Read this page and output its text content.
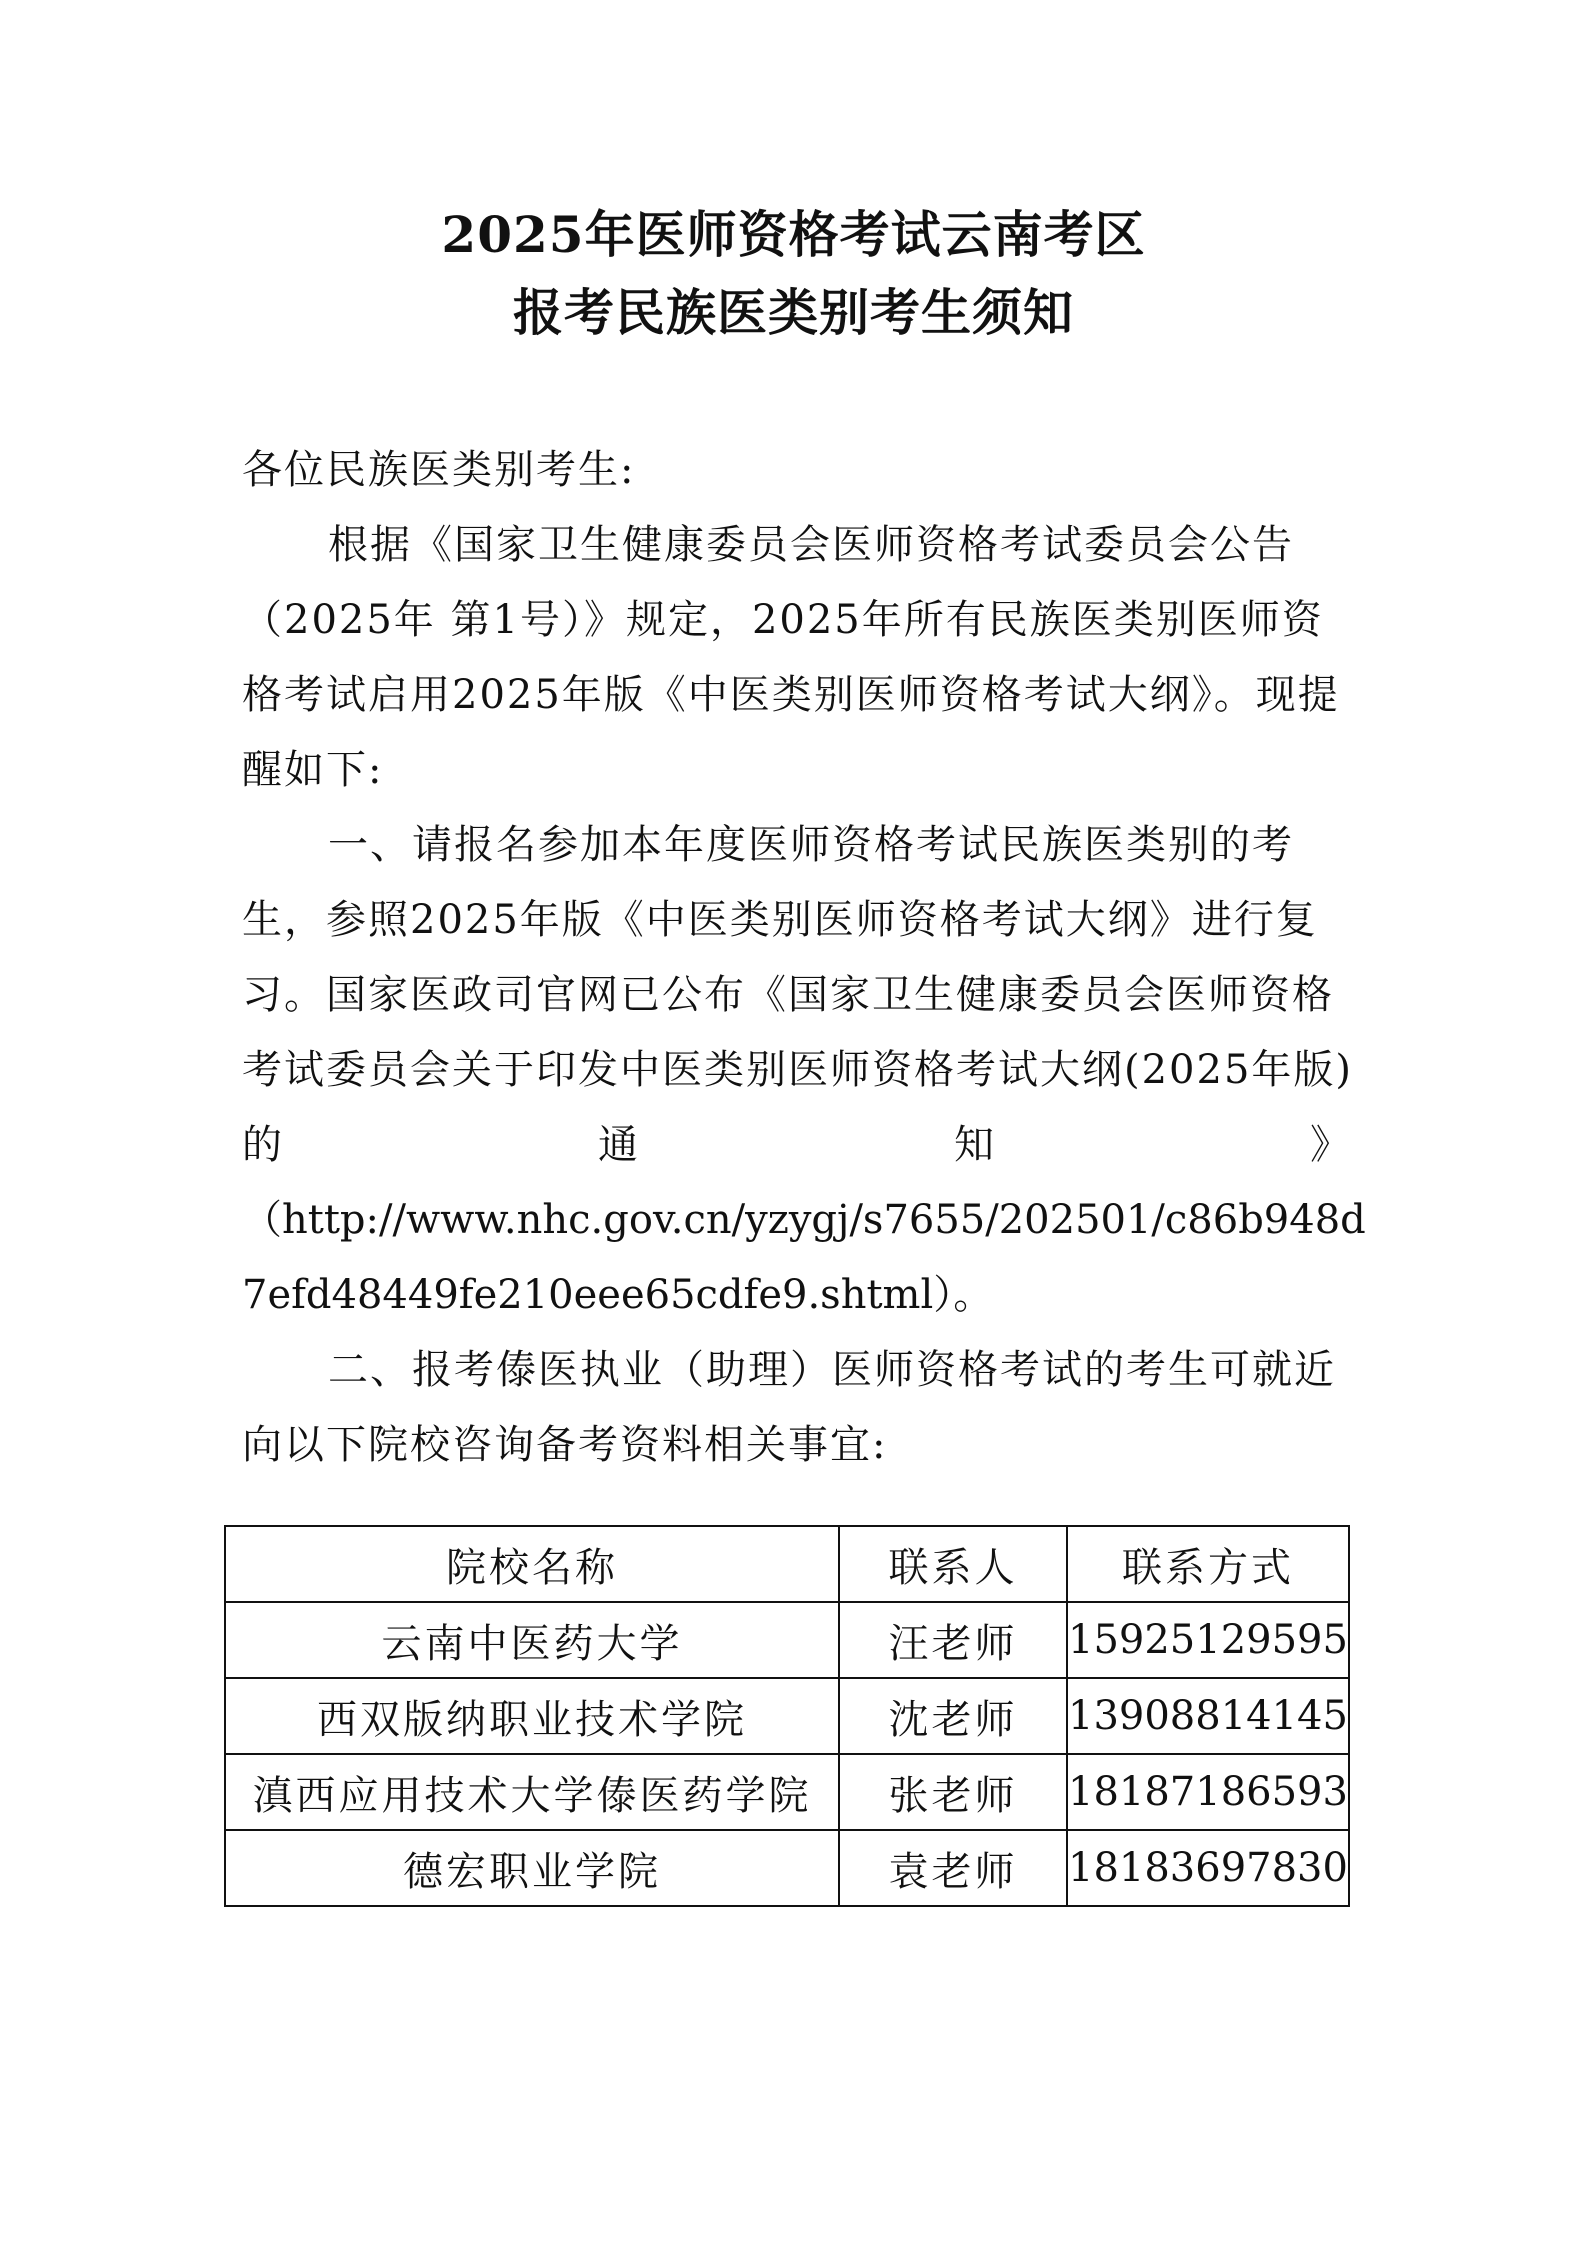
2025年医师资格考试云南考区
报考民族医类别考生须知
各位民族医类别考生:
根据《国家卫生健康委员会医师资格考试委员会公告
（2025年 第1号）》规定，2025年所有民族医类别医师资
格考试启用2025年版《中医类别医师资格考试大纲》。现提
醒如下:
一、请报名参加本年度医师资格考试民族医类别的考
生，参照2025年版《中医类别医师资格考试大纲》进行复
习。国家医政司官网已公布《国家卫生健康委员会医师资格
考试委员会关于印发中医类别医师资格考试大纲(2025年版)
的	通	知	》
（http://www.nhc.gov.cn/yzygj/s7655/202501/c86b948d
7efd48449fe210eee65cdfe9.shtml）。
二、报考傣医执业（助理）医师资格考试的考生可就近
向以下院校咨询备考资料相关事宜:
院校名称	联系人	联系方式
云南中医药大学	汪老师	15925129595
西双版纳职业技术学院	沈老师	13908814145
滇西应用技术大学傣医药学院	张老师	18187186593
德宏职业学院	袁老师	18183697830
